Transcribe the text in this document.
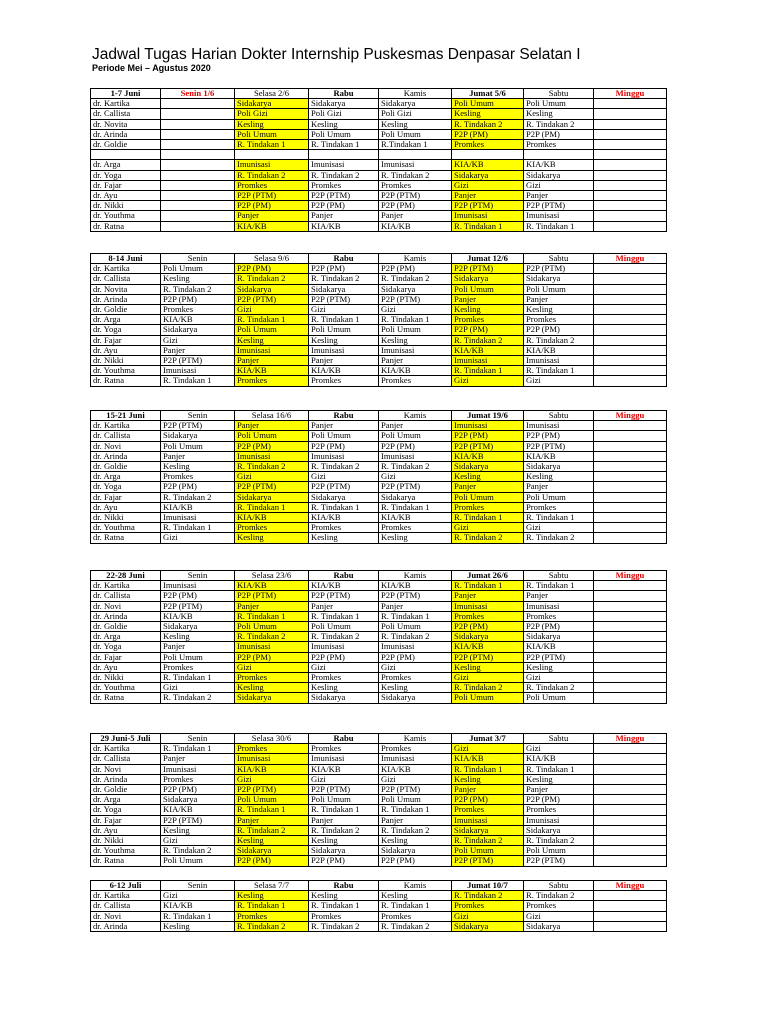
Jadwal Tugas Harian Dokter Internship Puskesmas Denpasar Selatan I
Periode Mei – Agustus 2020
1-7 Juni	Senin 1/6	Selasa 2/6	Rabu	Kamis	Jumat 5/6	Sabtu	Minggu
dr. Kartika		Sidakarya	Sidakarya	Sidakarya	Poli Umum	Poli Umum	
dr. Callista		Poli Gizi	Poli Gizi	Poli Gizi	Kesling	Kesling	
dr. Novita		Kesling	Kesling	Kesling	R. Tindakan 2	R. Tindakan 2	
dr. Arinda		Poli Umum	Poli Umum	Poli Umum	P2P (PM)	P2P (PM)	
dr. Goldie		R. Tindakan 1	R. Tindakan 1	R.Tindakan 1	Promkes	Promkes	

dr. Arga		Imunisasi	Imunisasi	Imunisasi	KIA/KB	KIA/KB	
dr. Yoga		R. Tindakan 2	R. Tindakan 2	R. Tindakan 2	Sidakarya	Sidakarya	
dr. Fajar		Promkes	Promkes	Promkes	Gizi	Gizi	
dr. Ayu		P2P (PTM)	P2P (PTM)	P2P (PTM)	Panjer	Panjer	
dr. Nikki		P2P (PM)	P2P (PM)	P2P (PM)	P2P (PTM)	P2P (PTM)	
dr. Youthma		Panjer	Panjer	Panjer	Imunisasi	Imunisasi	
dr. Ratna		KIA/KB	KIA/KB	KIA/KB	R. Tindakan 1	R. Tindakan 1	
8-14 Juni	Senin	Selasa 9/6	Rabu	Kamis	Jumat 12/6	Sabtu	Minggu
dr. Kartika	Poli Umum	P2P (PM)	P2P (PM)	P2P (PM)	P2P (PTM)	P2P (PTM)	
dr. Callista	Kesling	R. Tindakan 2	R. Tindakan 2	R. Tindakan 2	Sidakarya	Sidakarya	
dr. Novita	R. Tindakan 2	Sidakarya	Sidakarya	Sidakarya	Poli Umum	Poli Umum	
dr. Arinda	P2P (PM)	P2P (PTM)	P2P (PTM)	P2P (PTM)	Panjer	Panjer	
dr. Goldie	Promkes	Gizi	Gizi	Gizi	Kesling	Kesling	
dr. Arga	KIA/KB	R. Tindakan 1	R. Tindakan 1	R. Tindakan 1	Promkes	Promkes	
dr. Yoga	Sidakarya	Poli Umum	Poli Umum	Poli Umum	P2P (PM)	P2P (PM)	
dr. Fajar	Gizi	Kesling	Kesling	Kesling	R. Tindakan 2	R. Tindakan 2	
dr. Ayu	Panjer	Imunisasi	Imunisasi	Imunisasi	KIA/KB	KIA/KB	
dr. Nikki	P2P (PTM)	Panjer	Panjer	Panjer	Imunisasi	Imunisasi	
dr. Youthma	Imunisasi	KIA/KB	KIA/KB	KIA/KB	R. Tindakan 1	R. Tindakan 1	
dr. Ratna	R. Tindakan 1	Promkes	Promkes	Promkes	Gizi	Gizi	
15-21 Juni	Senin	Selasa 16/6	Rabu	Kamis	Jumat 19/6	Sabtu	Minggu
dr. Kartika	P2P (PTM)	Panjer	Panjer	Panjer	Imunisasi	Imunisasi	
dr. Callista	Sidakarya	Poli Umum	Poli Umum	Poli Umum	P2P (PM)	P2P (PM)	
dr. Novi	Poli Umum	P2P (PM)	P2P (PM)	P2P (PM)	P2P (PTM)	P2P (PTM)	
dr. Arinda	Panjer	Imunisasi	Imunisasi	Imunisasi	KIA/KB	KIA/KB	
dr. Goldie	Kesling	R. Tindakan 2	R. Tindakan 2	R. Tindakan 2	Sidakarya	Sidakarya	
dr. Arga	Promkes	Gizi	Gizi	Gizi	Kesling	Kesling	
dr. Yoga	P2P (PM)	P2P (PTM)	P2P (PTM)	P2P (PTM)	Panjer	Panjer	
dr. Fajar	R. Tindakan 2	Sidakarya	Sidakarya	Sidakarya	Poli Umum	Poli Umum	
dr. Ayu	KIA/KB	R. Tindakan 1	R. Tindakan 1	R. Tindakan 1	Promkes	Promkes	
dr. Nikki	Imunisasi	KIA/KB	KIA/KB	KIA/KB	R. Tindakan 1	R. Tindakan 1	
dr. Youthma	R. Tindakan 1	Promkes	Promkes	Promkes	Gizi	Gizi	
dr. Ratna	Gizi	Kesling	Kesling	Kesling	R. Tindakan 2	R. Tindakan 2	
22-28 Juni	Senin	Selasa 23/6	Rabu	Kamis	Jumat 26/6	Sabtu	Minggu
dr. Kartika	Imunisasi	KIA/KB	KIA/KB	KIA/KB	R. Tindakan 1	R. Tindakan 1	
dr. Callista	P2P (PM)	P2P (PTM)	P2P (PTM)	P2P (PTM)	Panjer	Panjer	
dr. Novi	P2P (PTM)	Panjer	Panjer	Panjer	Imunisasi	Imunisasi	
dr. Arinda	KIA/KB	R. Tindakan 1	R. Tindakan 1	R. Tindakan 1	Promkes	Promkes	
dr. Goldie	Sidakarya	Poli Umum	Poli Umum	Poli Umum	P2P (PM)	P2P (PM)	
dr. Arga	Kesling	R. Tindakan 2	R. Tindakan 2	R. Tindakan 2	Sidakarya	Sidakarya	
dr. Yoga	Panjer	Imunisasi	Imunisasi	Imunisasi	KIA/KB	KIA/KB	
dr. Fajar	Poli Umum	P2P (PM)	P2P (PM)	P2P (PM)	P2P (PTM)	P2P (PTM)	
dr. Ayu	Promkes	Gizi	Gizi	Gizi	Kesling	Kesling	
dr. Nikki	R. Tindakan 1	Promkes	Promkes	Promkes	Gizi	Gizi	
dr. Youthma	Gizi	Kesling	Kesling	Kesling	R. Tindakan 2	R. Tindakan 2	
dr. Ratna	R. Tindakan 2	Sidakarya	Sidakarya	Sidakarya	Poli Umum	Poli Umum	
29 Juni-5 Juli	Senin	Selasa 30/6	Rabu	Kamis	Jumat 3/7	Sabtu	Minggu
dr. Kartika	R. Tindakan 1	Promkes	Promkes	Promkes	Gizi	Gizi	
dr. Callista	Panjer	Imunisasi	Imunisasi	Imunisasi	KIA/KB	KIA/KB	
dr. Novi	Imunisasi	KIA/KB	KIA/KB	KIA/KB	R. Tindakan 1	R. Tindakan 1	
dr. Arinda	Promkes	Gizi	Gizi	Gizi	Kesling	Kesling	
dr. Goldie	P2P (PM)	P2P (PTM)	P2P (PTM)	P2P (PTM)	Panjer	Panjer	
dr. Arga	Sidakarya	Poli Umum	Poli Umum	Poli Umum	P2P (PM)	P2P (PM)	
dr. Yoga	KIA/KB	R. Tindakan 1	R. Tindakan 1	R. Tindakan 1	Promkes	Promkes	
dr. Fajar	P2P (PTM)	Panjer	Panjer	Panjer	Imunisasi	Imunisasi	
dr. Ayu	Kesling	R. Tindakan 2	R. Tindakan 2	R. Tindakan 2	Sidakarya	Sidakarya	
dr. Nikki	Gizi	Kesling	Kesling	Kesling	R. Tindakan 2	R. Tindakan 2	
dr. Youthma	R. Tindakan 2	Sidakarya	Sidakarya	Sidakarya	Poli Umum	Poli Umum	
dr. Ratna	Poli Umum	P2P (PM)	P2P (PM)	P2P (PM)	P2P (PTM)	P2P (PTM)	
6-12 Juli	Senin	Selasa 7/7	Rabu	Kamis	Jumat 10/7	Sabtu	Minggu
dr. Kartika	Gizi	Kesling	Kesling	Kesling	R. Tindakan 2	R. Tindakan 2	
dr. Callista	KIA/KB	R. Tindakan 1	R. Tindakan 1	R. Tindakan 1	Promkes	Promkes	
dr. Novi	R. Tindakan 1	Promkes	Promkes	Promkes	Gizi	Gizi	
dr. Arinda	Kesling	R. Tindakan 2	R. Tindakan 2	R. Tindakan 2	Sidakarya	Sidakarya	
